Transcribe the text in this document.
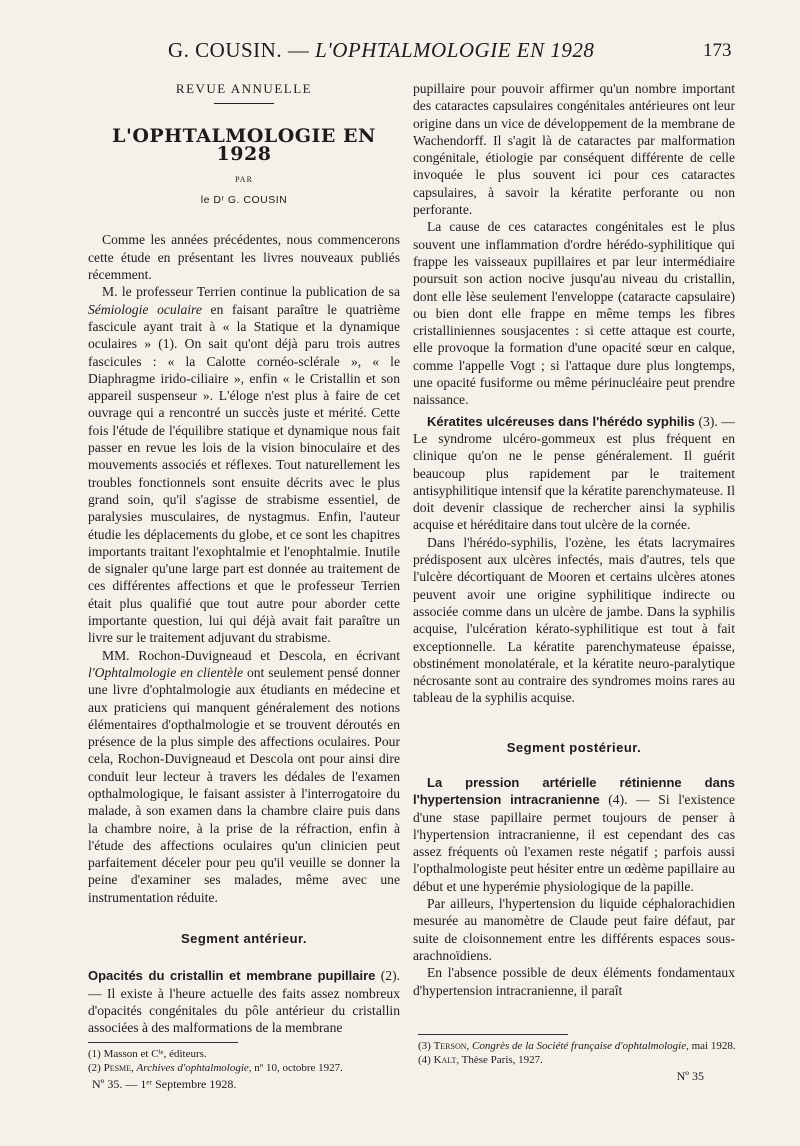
G. COUSIN. — L'OPHTALMOLOGIE EN 1928	173
REVUE ANNUELLE
L'OPHTALMOLOGIE EN 1928
PAR
le Dʳ G. COUSIN

Comme les années précédentes, nous commencerons cette étude en présentant les livres nouveaux publiés récemment.

M. le professeur Terrien continue la publication de sa Sémiologie oculaire en faisant paraître le quatrième fascicule ayant trait à « la Statique et la dynamique oculaires » (1). On sait qu'ont déjà paru trois autres fascicules : « la Calotte cornéo-sclérale », « le Diaphragme irido-ciliaire », enfin « le Cristallin et son appareil suspenseur ». L'éloge n'est plus à faire de cet ouvrage qui a rencontré un succès juste et mérité. Cette fois l'étude de l'équilibre statique et dynamique nous fait passer en revue les lois de la vision binoculaire et des mouvements associés et réflexes. Tout naturellement les troubles fonctionnels sont ensuite décrits avec le plus grand soin, qu'il s'agisse de strabisme essentiel, de paralysies musculaires, de nystagmus. Enfin, l'auteur étudie les déplacements du globe, et ce sont les chapitres importants traitant l'exophtalmie et l'enophtalmie. Inutile de signaler qu'une large part est donnée au traitement de ces différentes affections et que le professeur Terrien était plus qualifié que tout autre pour aborder cette importante question, lui qui déjà avait fait paraître un livre sur le traitement adjuvant du strabisme.

MM. Rochon-Duvigneaud et Descola, en écrivant l'Ophtalmologie en clientèle ont seulement pensé donner une livre d'ophtalmologie aux étudiants en médecine et aux praticiens qui manquent généralement des notions élémentaires d'opthalmologie et se trouvent déroutés en présence de la plus simple des affections oculaires. Pour cela, Rochon-Duvigneaud et Descola ont pour ainsi dire conduit leur lecteur à travers les dédales de l'examen opthalmologique, le faisant assister à l'interrogatoire du malade, à son examen dans la chambre claire puis dans la chambre noire, à la prise de la réfraction, enfin à l'étude des affections oculaires qu'un clinicien peut parfaitement déceler pour peu qu'il veuille se donner la peine d'examiner ses malades, même avec une instrumentation réduite.

Segment antérieur.

Opacités du cristallin et membrane pupillaire (2). — Il existe à l'heure actuelle des faits assez nombreux d'opacités congénitales du pôle antérieur du cristallin associées à des malformations de la membrane

(1) Masson et Cⁱᵉ, éditeurs.

(2) Pesme, Archives d'ophtalmologie, nº 10, octobre 1927.

Nº 35. — 1ᵉʳ Septembre 1928.

pupillaire pour pouvoir affirmer qu'un nombre important des cataractes capsulaires congénitales antérieures ont leur origine dans un vice de développement de la membrane de Wachendorff. Il s'agit là de cataractes par malformation congénitale, étiologie par conséquent différente de celle invoquée le plus souvent ici pour ces cataractes capsulaires, à savoir la kératite perforante ou non perforante.

La cause de ces cataractes congénitales est le plus souvent une inflammation d'ordre hérédo-syphilitique qui frappe les vaisseaux pupillaires et par leur intermédiaire poursuit son action nocive jusqu'au niveau du cristallin, dont elle lèse seulement l'enveloppe (cataracte capsulaire) ou bien dont elle frappe en même temps les fibres cristalliniennes sousjacentes : si cette attaque est courte, elle provoque la formation d'une opacité sœur en calque, comme l'appelle Vogt ; si l'attaque dure plus longtemps, une opacité fusiforme ou même périnucléaire peut prendre naissance.

Kératites ulcéreuses dans l'hérédo syphilis (3). — Le syndrome ulcéro-gommeux est plus fréquent en clinique qu'on ne le pense généralement. Il guérit beaucoup plus rapidement par le traitement antisyphilitique intensif que la kératite parenchymateuse. Il doit devenir classique de rechercher ainsi la syphilis acquise et héréditaire dans tout ulcère de la cornée.

Dans l'hérédo-syphilis, l'ozène, les états lacrymaires prédisposent aux ulcères infectés, mais d'autres, tels que l'ulcère décortiquant de Mooren et certains ulcères atones peuvent avoir une origine syphilitique indirecte ou associée comme dans un ulcère de jambe. Dans la syphilis acquise, l'ulcération kérato-syphilitique est tout à fait exceptionnelle. La kératite parenchymateuse épaisse, obstinément monolatérale, et la kératite neuro-paralytique nécrosante sont au contraire des syndromes moins rares au tableau de la syphilis acquise.

Segment postérieur.

La pression artérielle rétinienne dans l'hypertension intracranienne (4). — Si l'existence d'une stase papillaire permet toujours de penser à l'hypertension intracranienne, il est cependant des cas assez fréquents où l'examen reste négatif ; parfois aussi l'opthalmologiste peut hésiter entre un œdème papillaire au début et une hyperémie physiologique de la papille.

Par ailleurs, l'hypertension du liquide céphalorachidien mesurée au manomètre de Claude peut faire défaut, par suite de cloisonnement entre les différents espaces sous-arachnoïdiens.

En l'absence possible de deux éléments fondamentaux d'hypertension intracranienne, il paraît

(3) Terson, Congrès de la Société française d'ophtalmologie, mai 1928.

(4) Kalt, Thèse Paris, 1927.

Nº 35
